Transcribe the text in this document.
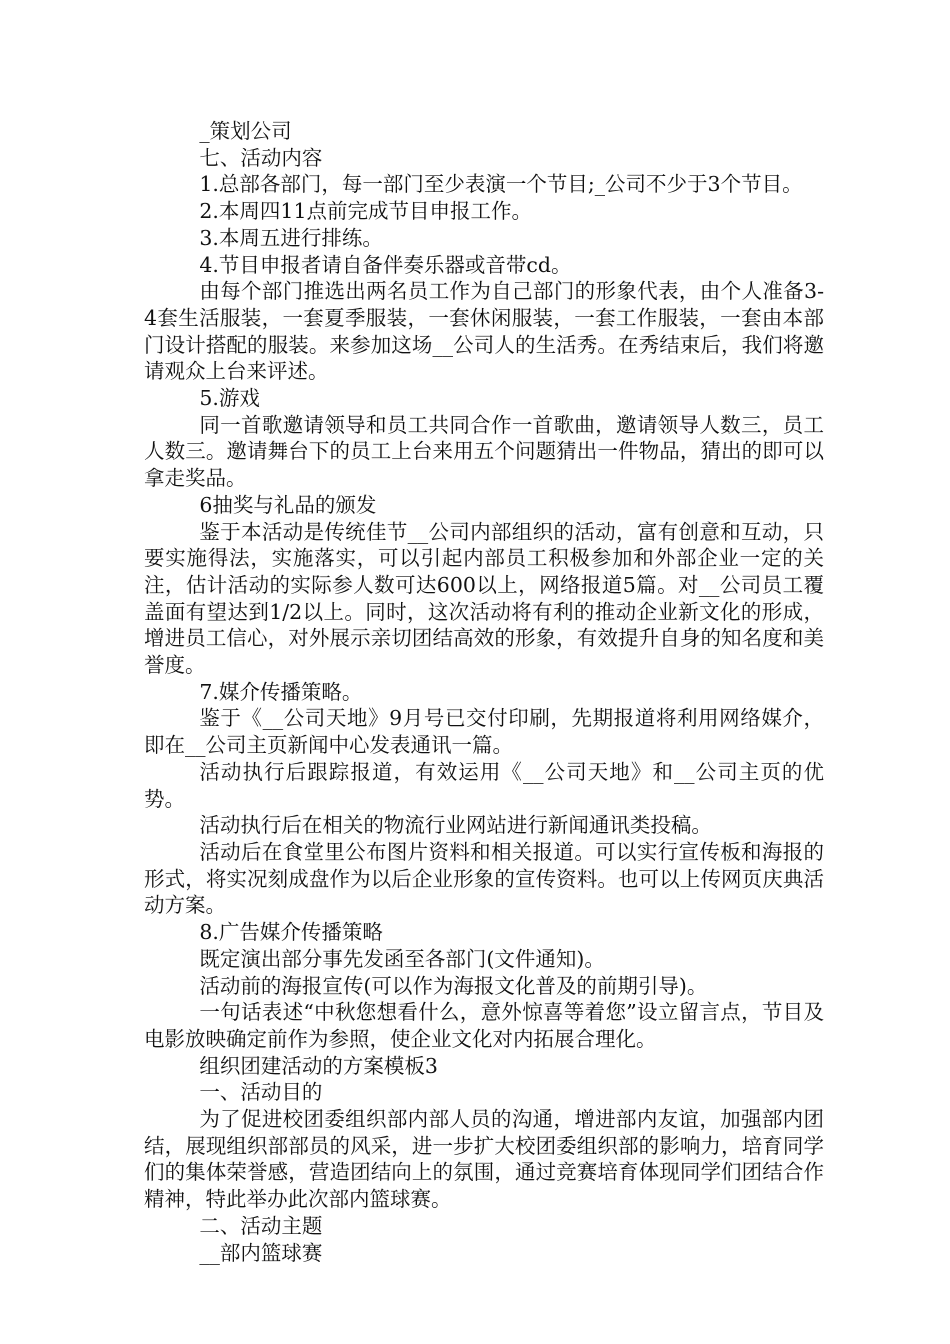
_策划公司

七、活动内容

1.总部各部门，每一部门至少表演一个节目;_公司不少于3个节目。

2.本周四11点前完成节目申报工作。

3.本周五进行排练。

4.节目申报者请自备伴奏乐器或音带cd。

由每个部门推选出两名员工作为自己部门的形象代表，由个人准备3-4套生活服装，一套夏季服装，一套休闲服装，一套工作服装，一套由本部门设计搭配的服装。来参加这场__公司人的生活秀。在秀结束后，我们将邀请观众上台来评述。

5.游戏

同一首歌邀请领导和员工共同合作一首歌曲，邀请领导人数三，员工人数三。邀请舞台下的员工上台来用五个问题猜出一件物品，猜出的即可以拿走奖品。

6抽奖与礼品的颁发

鉴于本活动是传统佳节__公司内部组织的活动，富有创意和互动，只要实施得法，实施落实，可以引起内部员工积极参加和外部企业一定的关注，估计活动的实际参人数可达600以上，网络报道5篇。对__公司员工覆盖面有望达到1/2以上。同时，这次活动将有利的推动企业新文化的形成，增进员工信心，对外展示亲切团结高效的形象，有效提升自身的知名度和美誉度。

7.媒介传播策略。

鉴于《__公司天地》9月号已交付印刷，先期报道将利用网络媒介，即在__公司主页新闻中心发表通讯一篇。

活动执行后跟踪报道，有效运用《__公司天地》和__公司主页的优势。

活动执行后在相关的物流行业网站进行新闻通讯类投稿。

活动后在食堂里公布图片资料和相关报道。可以实行宣传板和海报的形式，将实况刻成盘作为以后企业形象的宣传资料。也可以上传网页庆典活动方案。

8.广告媒介传播策略

既定演出部分事先发函至各部门(文件通知)。

活动前的海报宣传(可以作为海报文化普及的前期引导)。

一句话表述“中秋您想看什么，意外惊喜等着您”设立留言点，节目及电影放映确定前作为参照，使企业文化对内拓展合理化。

组织团建活动的方案模板3

一、活动目的

为了促进校团委组织部内部人员的沟通，增进部内友谊，加强部内团结，展现组织部部员的风采，进一步扩大校团委组织部的影响力，培育同学们的集体荣誉感，营造团结向上的氛围，通过竞赛培育体现同学们团结合作精神，特此举办此次部内篮球赛。

二、活动主题

__部内篮球赛
